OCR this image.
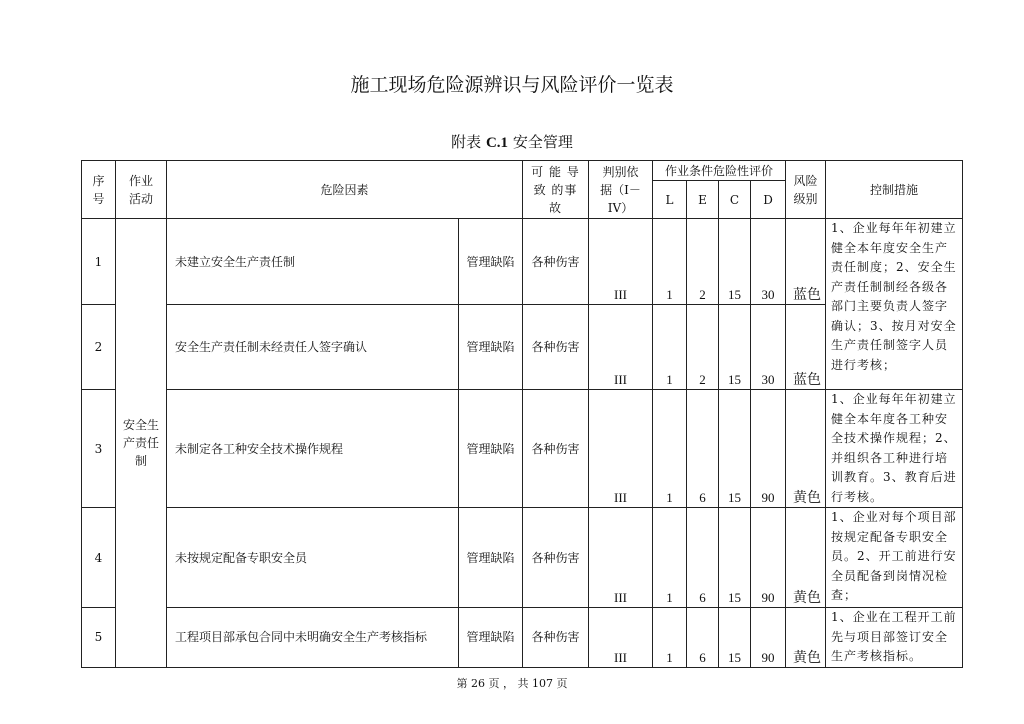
施工现场危险源辨识与风险评价一览表
附表 C.1 安全管理
序号	作业活动	危险因素		可 能 导 致 的事故	判别依据（I－IV）	作业条件危险性评价				风险级别	控制措施
						L	E	C	D		
1	安全生产责任制	未建立安全生产责任制	管理缺陷	各种伤害	III	1	2	15	30	蓝色	1、企业每年年初建立健全本年度安全生产责任制度；2、安全生产责任制制经各级各部门主要负责人签字确认；3、按月对安全生产责任制签字人员进行考核；
2		安全生产责任制未经责任人签字确认	管理缺陷	各种伤害	III	1	2	15	30	蓝色	
3		未制定各工种安全技术操作规程	管理缺陷	各种伤害	III	1	6	15	90	黄色	1、企业每年年初建立健全本年度各工种安全技术操作规程；2、并组织各工种进行培训教育。3、教育后进行考核。
4		未按规定配备专职安全员	管理缺陷	各种伤害	III	1	6	15	90	黄色	1、企业对每个项目部按规定配备专职安全员。2、开工前进行安全员配备到岗情况检查；
5		工程项目部承包合同中未明确安全生产考核指标	管理缺陷	各种伤害	III	1	6	15	90	黄色	1、企业在工程开工前先与项目部签订安全生产考核指标。
第 26 页 ， 共 107 页
